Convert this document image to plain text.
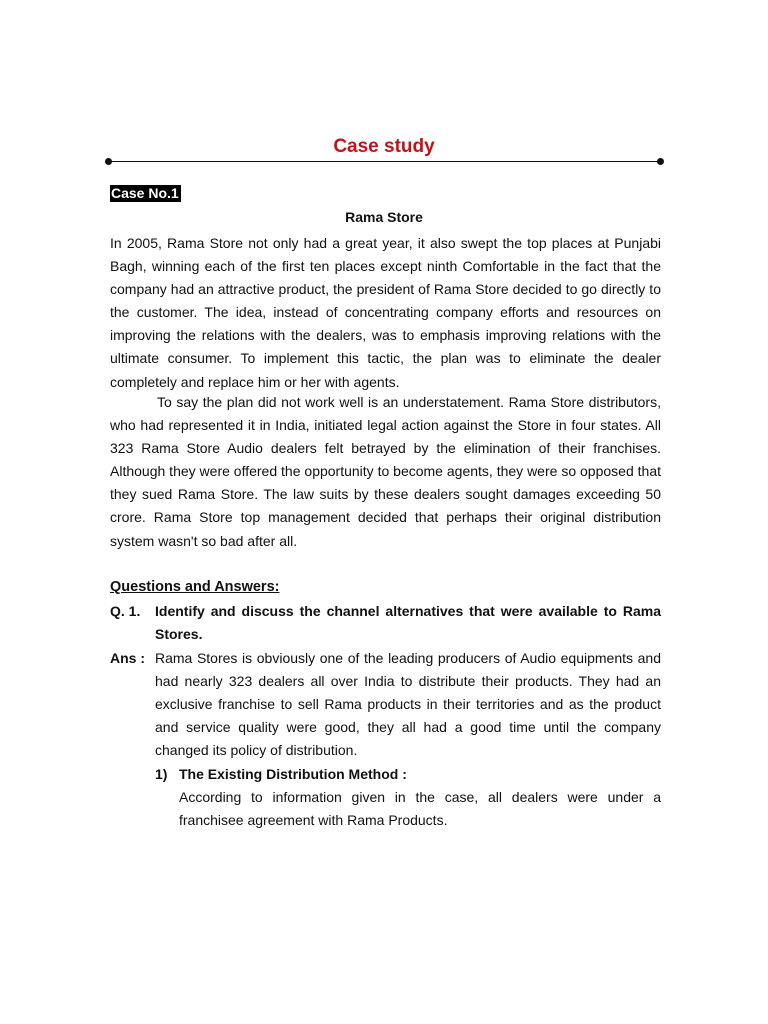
Case study
Case No.1
Rama Store

In 2005, Rama Store not only had a great year, it also swept the top places at Punjabi Bagh, winning each of the first ten places except ninth Comfortable in the fact that the company had an attractive product, the president of Rama Store decided to go directly to the customer. The idea, instead of concentrating company efforts and resources on improving the relations with the dealers, was to emphasis improving relations with the ultimate consumer. To implement this tactic, the plan was to eliminate the dealer completely and replace him or her with agents.

To say the plan did not work well is an understatement. Rama Store distributors, who had represented it in India, initiated legal action against the Store in four states. All 323 Rama Store Audio dealers felt betrayed by the elimination of their franchises. Although they were offered the opportunity to become agents, they were so opposed that they sued Rama Store. The law suits by these dealers sought damages exceeding 50 crore. Rama Store top management decided that perhaps their original distribution system wasn't so bad after all.

Questions and Answers:
Q. 1. Identify and discuss the channel alternatives that were available to Rama Stores.
Ans : Rama Stores is obviously one of the leading producers of Audio equipments and had nearly 323 dealers all over India to distribute their products. They had an exclusive franchise to sell Rama products in their territories and as the product and service quality were good, they all had a good time until the company changed its policy of distribution.
1) The Existing Distribution Method :
According to information given in the case, all dealers were under a franchisee agreement with Rama Products.
